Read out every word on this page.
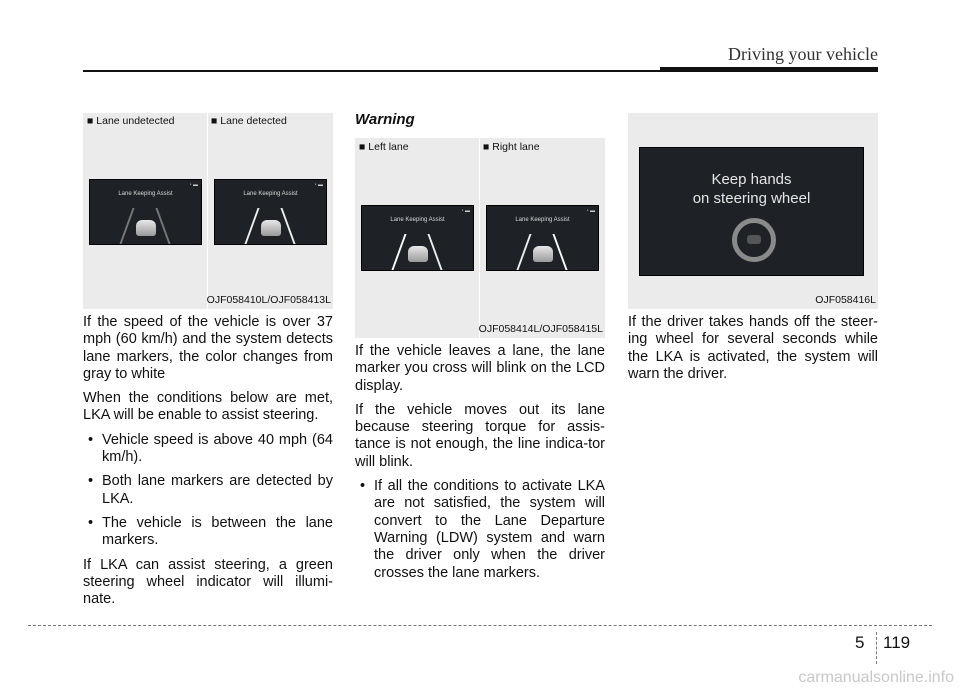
Driving your vehicle
■ Lane undetected	■ Lane detected
◔ ▬
Lane Keeping Assist
◔ ▬
Lane Keeping Assist
OJF058410L/OJF058413L

If the speed of the vehicle is over 37 mph (60 km/h) and the system detects lane markers, the color changes from gray to white

When the conditions below are met, LKA will be enable to assist steering.

• Vehicle speed is above 40 mph (64 km/h).

• Both lane markers are detected by LKA.

• The vehicle is between the lane markers.

If LKA can assist steering, a green steering wheel indicator will illumi-nate.

Warning
■ Left lane	■ Right lane
◔ ▬
Lane Keeping Assist
◔ ▬
Lane Keeping Assist
OJF058414L/OJF058415L

If the vehicle leaves a lane, the lane marker you cross will blink on the LCD display.

If the vehicle moves out its lane because steering torque for assis-tance is not enough, the line indica-tor will blink.

• If all the conditions to activate LKA are not satisfied, the system will convert to the Lane Departure Warning (LDW) system and warn the driver only when the driver crosses the lane markers.

Keep hands
on steering wheel
OJF058416L

If the driver takes hands off the steer-ing wheel for several seconds while the LKA is activated, the system will warn the driver.

5 119
carmanualsonline.info
